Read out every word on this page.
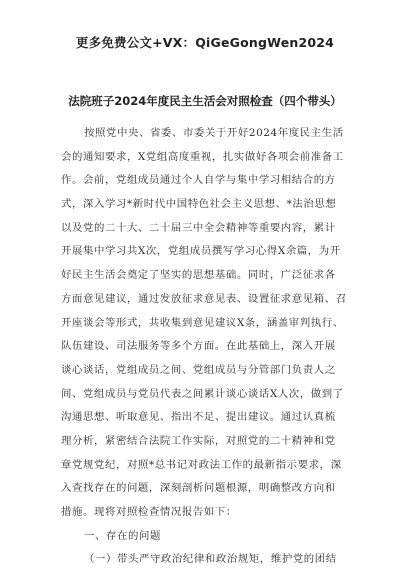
更多免费公文+VX：QiGeGongWen2024
法院班子2024年度民主生活会对照检查（四个带头）
按照党中央、省委、市委关于开好2024年度民主生活
会的通知要求，X党组高度重视，扎实做好各项会前准备工
作。会前，党组成员通过个人自学与集中学习相结合的方
式，深入学习*新时代中国特色社会主义思想、*法治思想
以及党的二十大、二十届三中全会精神等重要内容，累计
开展集中学习共X次，党组成员撰写学习心得X余篇，为开
好民主生活会奠定了坚实的思想基础。同时，广泛征求各
方面意见建议，通过发放征求意见表、设置征求意见箱、召
开座谈会等形式，共收集到意见建议X条，涵盖审判执行、
队伍建设、司法服务等多个方面。在此基础上，深入开展
谈心谈话，党组成员之间、党组成员与分管部门负责人之
间、党组成员与党员代表之间累计谈心谈话X人次，做到了
沟通思想、听取意见、指出不足、提出建议。通过认真梳
理分析，紧密结合法院工作实际，对照党的二十精神和党
章党规党纪，对照*总书记对政法工作的最新指示要求，深
入查找存在的问题，深刻剖析问题根源，明确整改方向和
措施。现将对照检查情况报告如下：
一、存在的问题
（一）带头严守政治纪律和政治规矩，维护党的团结
